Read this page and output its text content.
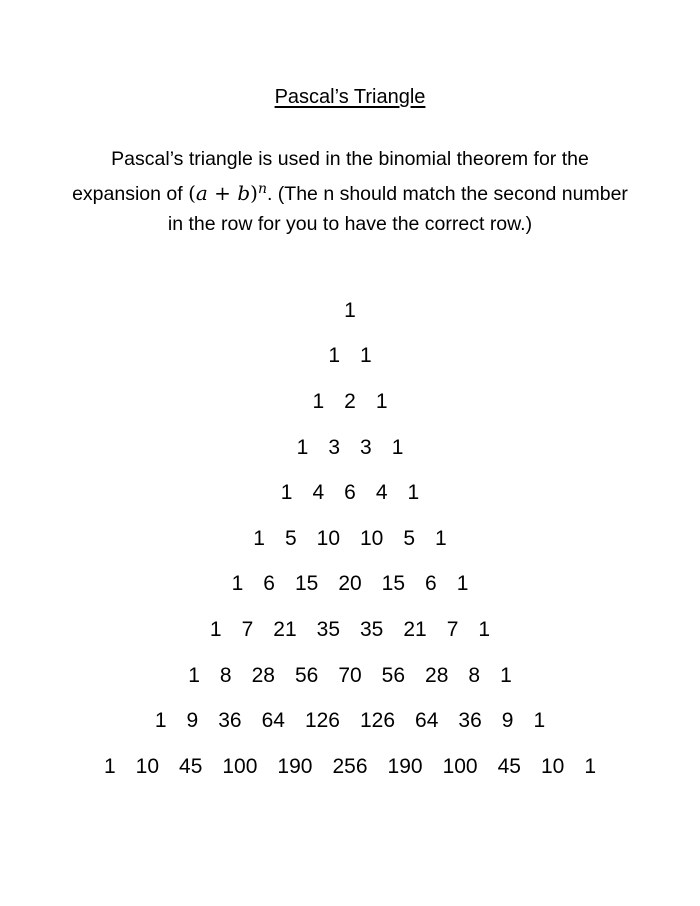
Pascal’s Triangle
Pascal’s triangle is used in the binomial theorem for the expansion of $(a + b)^n$. (The n should match the second number in the row for you to have the correct row.)
1
1 1
1 2 1
1 3 3 1
1 4 6 4 1
1 5 10 10 5 1
1 6 15 20 15 6 1
1 7 21 35 35 21 7 1
1 8 28 56 70 56 28 8 1
1 9 36 64 126 126 64 36 9 1
1 10 45 100 190 256 190 100 45 10 1
